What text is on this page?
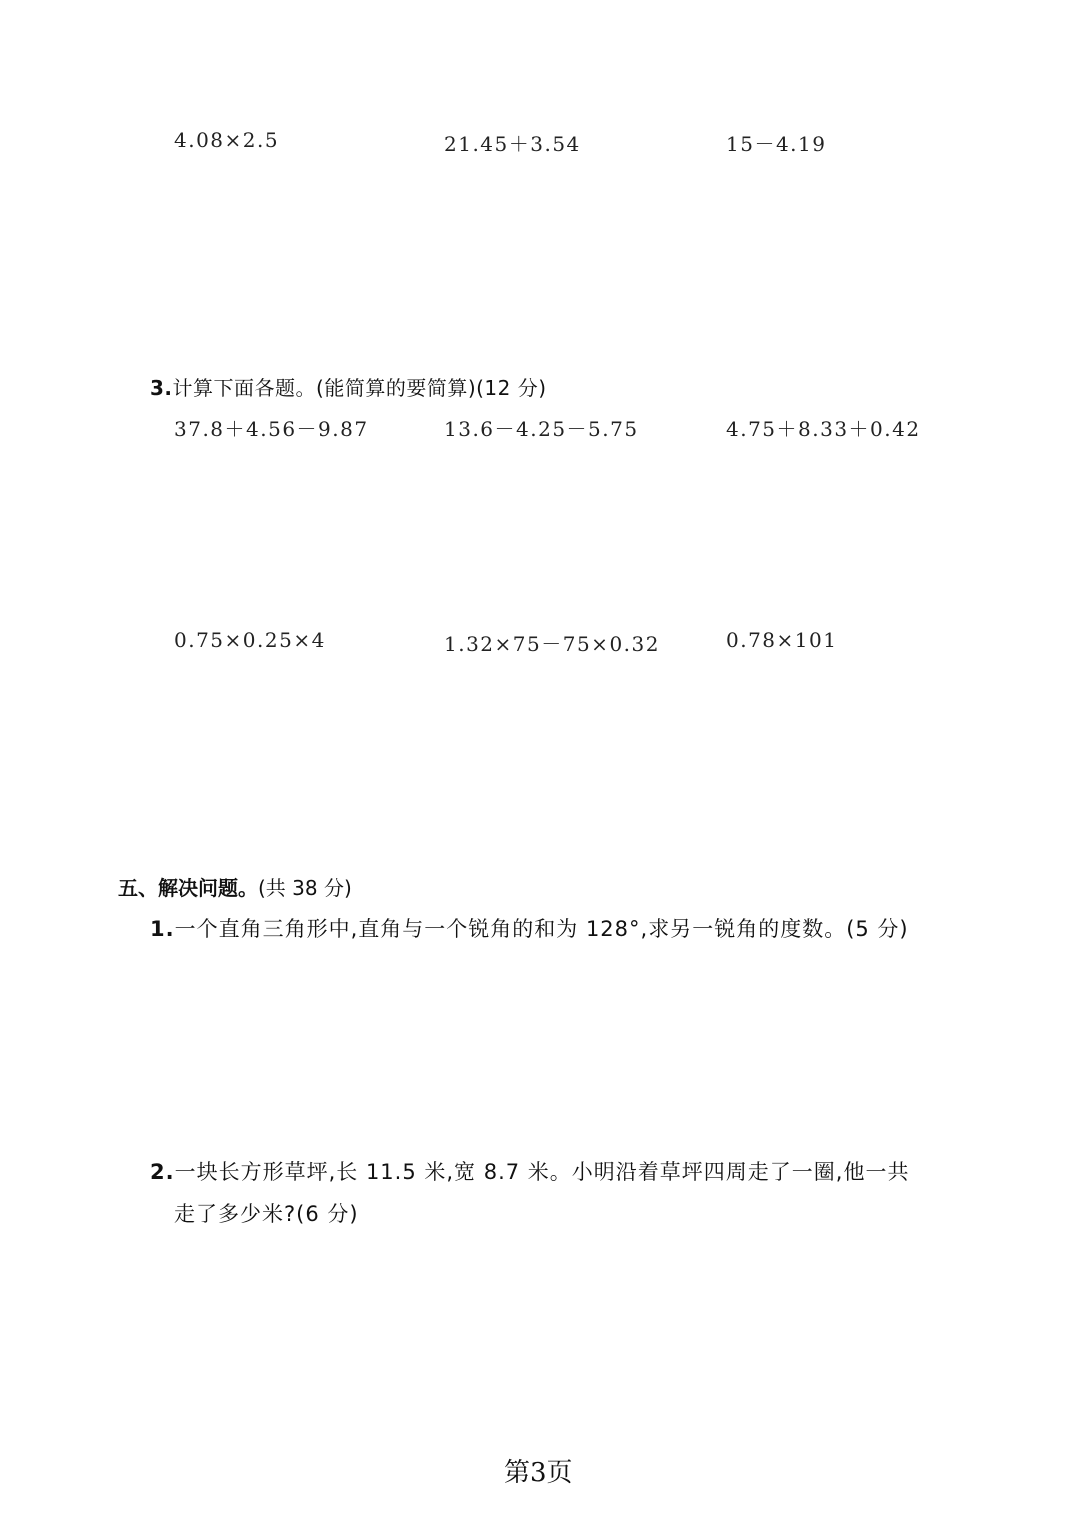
4.08×2.5	21.45＋3.54	15－4.19
3.计算下面各题。(能简算的要简算)(12 分)
37.8＋4.56－9.87	13.6－4.25－5.75	4.75＋8.33＋0.42
0.75×0.25×4	1.32×75－75×0.32	0.78×101
五、解决问题。(共 38 分)
1.一个直角三角形中,直角与一个锐角的和为 128°,求另一锐角的度数。(5 分)
2.一块长方形草坪,长 11.5 米,宽 8.7 米。小明沿着草坪四周走了一圈,他一共
走了多少米?(6 分)
第3页
